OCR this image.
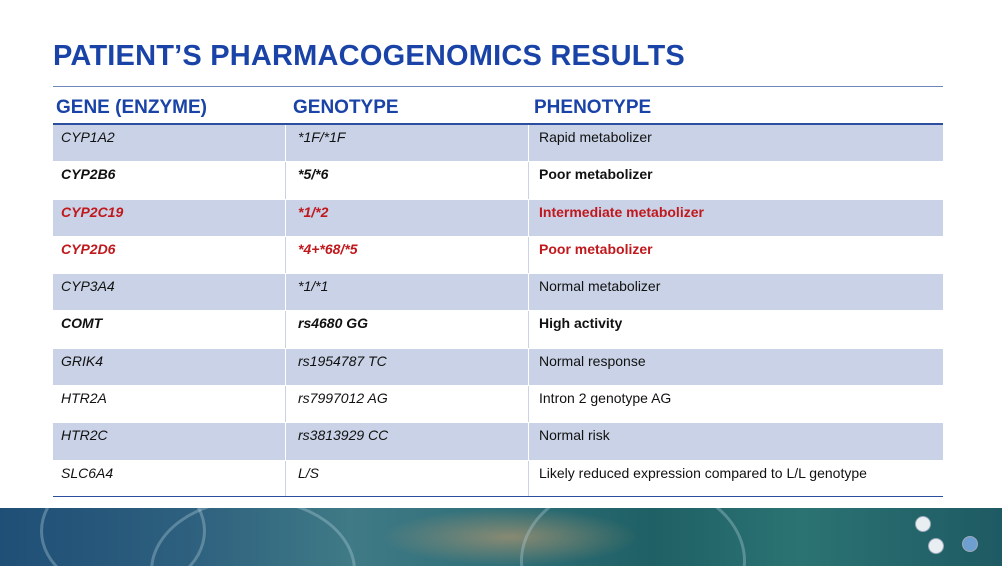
PATIENT’S PHARMACOGENOMICS RESULTS
GENE (ENZYME)	GENOTYPE	PHENOTYPE
CYP1A2	*1F/*1F	Rapid metabolizer
CYP2B6	*5/*6	Poor metabolizer
CYP2C19	*1/*2	Intermediate metabolizer
CYP2D6	*4+*68/*5	Poor metabolizer
CYP3A4	*1/*1	Normal metabolizer
COMT	rs4680 GG	High activity
GRIK4	rs1954787 TC	Normal response
HTR2A	rs7997012 AG	Intron 2 genotype AG
HTR2C	rs3813929 CC	Normal risk
SLC6A4	L/S	Likely reduced expression compared to L/L genotype
